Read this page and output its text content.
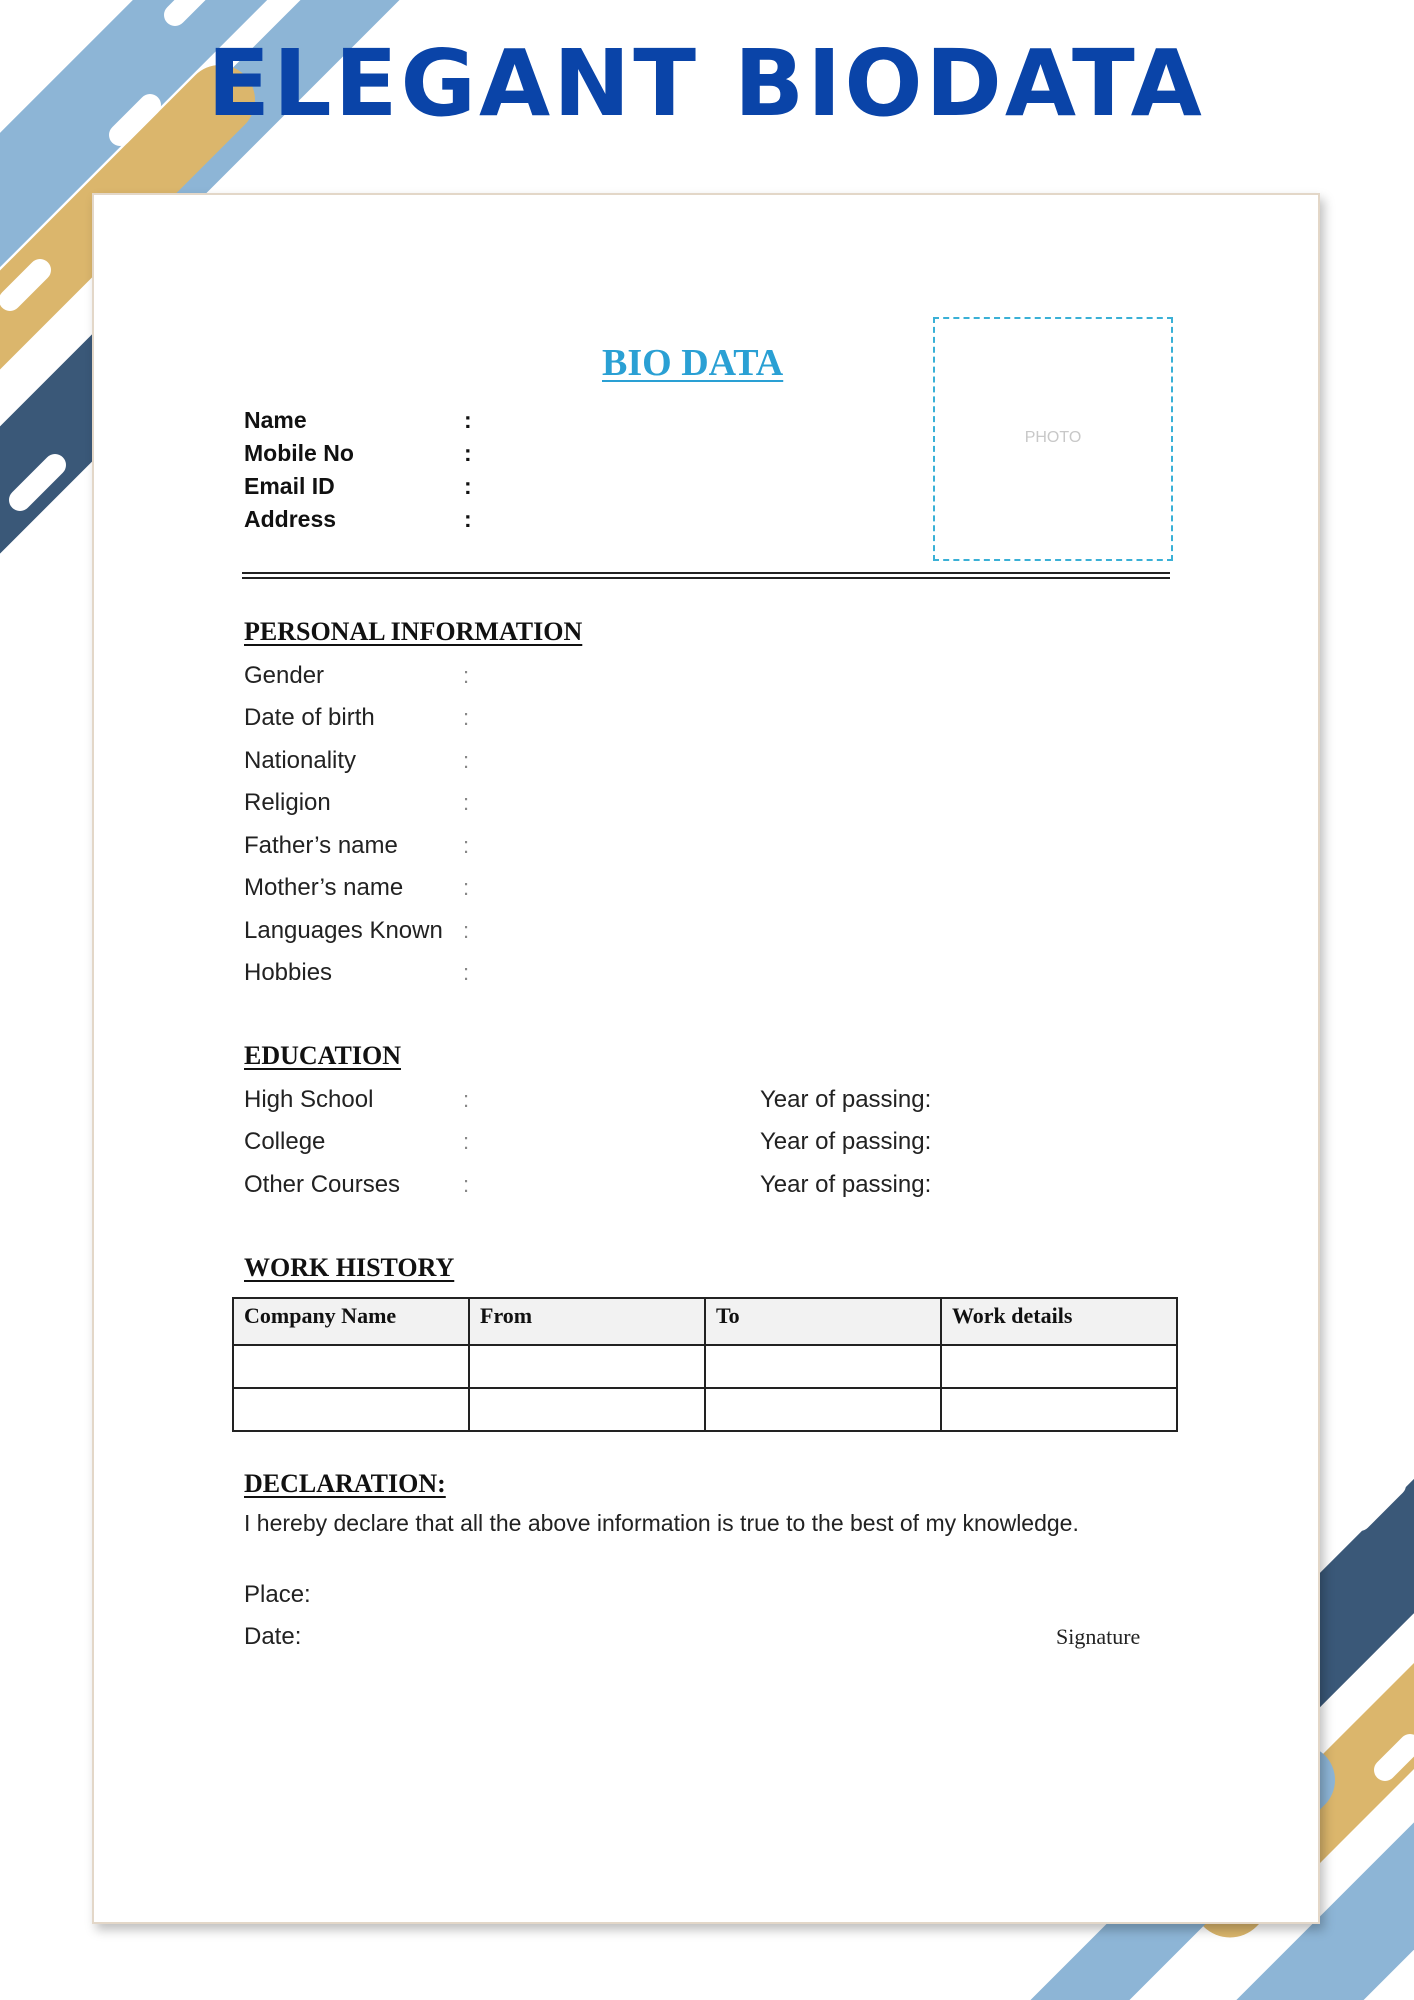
ELEGANT BIODATA
BIO DATA
PHOTO
Name	:
Mobile No	:
Email ID	:
Address	:
PERSONAL INFORMATION
Gender	:
Date of birth	:
Nationality	:
Religion	:
Father’s name	:
Mother’s name	:
Languages Known :
Hobbies	:
EDUCATION
High School	:	Year of passing:
College	:	Year of passing:
Other Courses	:	Year of passing:
WORK HISTORY
Company Name	From	To	Work details

DECLARATION:
I hereby declare that all the above information is true to the best of my knowledge.
Place:
Date:	Signature
